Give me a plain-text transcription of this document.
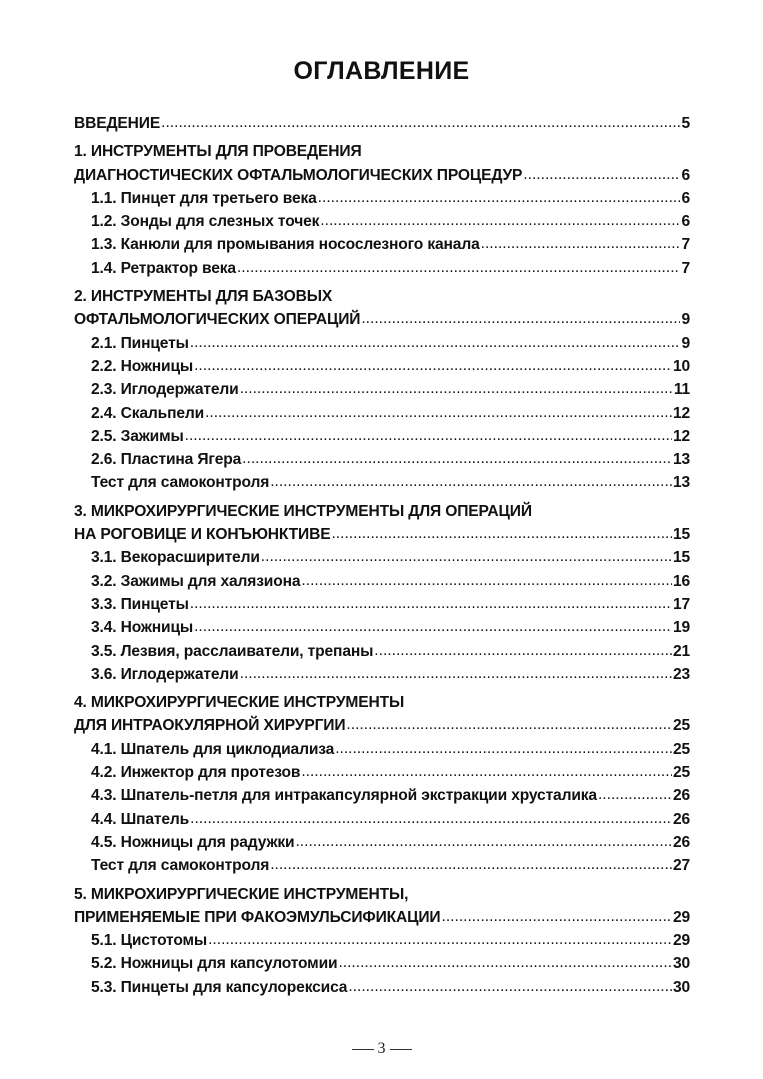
ОГЛАВЛЕНИЕ
ВВЕДЕНИЕ .....	5
1. ИНСТРУМЕНТЫ ДЛЯ ПРОВЕДЕНИЯ
ДИАГНОСТИЧЕСКИХ ОФТАЛЬМОЛОГИЧЕСКИХ ПРОЦЕДУР .....	6
1.1. Пинцет для третьего века .....	6
1.2. Зонды для слезных точек .....	6
1.3. Канюли для промывания носослезного канала .....	7
1.4. Ретрактор века .....	7
2. ИНСТРУМЕНТЫ ДЛЯ БАЗОВЫХ
ОФТАЛЬМОЛОГИЧЕСКИХ ОПЕРАЦИЙ .....	9
2.1. Пинцеты .....	9
2.2. Ножницы .....	10
2.3. Иглодержатели .....	11
2.4. Скальпели .....	12
2.5. Зажимы .....	12
2.6. Пластина Ягера .....	13
Тест для самоконтроля .....	13
3. МИКРОХИРУРГИЧЕСКИЕ ИНСТРУМЕНТЫ ДЛЯ ОПЕРАЦИЙ
НА РОГОВИЦЕ И КОНЪЮНКТИВЕ .....	15
3.1. Векорасширители .....	15
3.2. Зажимы для халязиона .....	16
3.3. Пинцеты .....	17
3.4. Ножницы .....	19
3.5. Лезвия, расслаиватели, трепаны .....	21
3.6. Иглодержатели .....	23
4. МИКРОХИРУРГИЧЕСКИЕ ИНСТРУМЕНТЫ
ДЛЯ ИНТРАОКУЛЯРНОЙ ХИРУРГИИ .....	25
4.1. Шпатель для циклодиализа .....	25
4.2. Инжектор для протезов .....	25
4.3. Шпатель-петля для интракапсулярной экстракции хрусталика .....	26
4.4. Шпатель .....	26
4.5. Ножницы для радужки .....	26
Тест для самоконтроля .....	27
5. МИКРОХИРУРГИЧЕСКИЕ ИНСТРУМЕНТЫ,
ПРИМЕНЯЕМЫЕ ПРИ ФАКОЭМУЛЬСИФИКАЦИИ .....	29
5.1. Цистотомы .....	29
5.2. Ножницы для капсулотомии .....	30
5.3. Пинцеты для капсулорексиса .....	30
3
